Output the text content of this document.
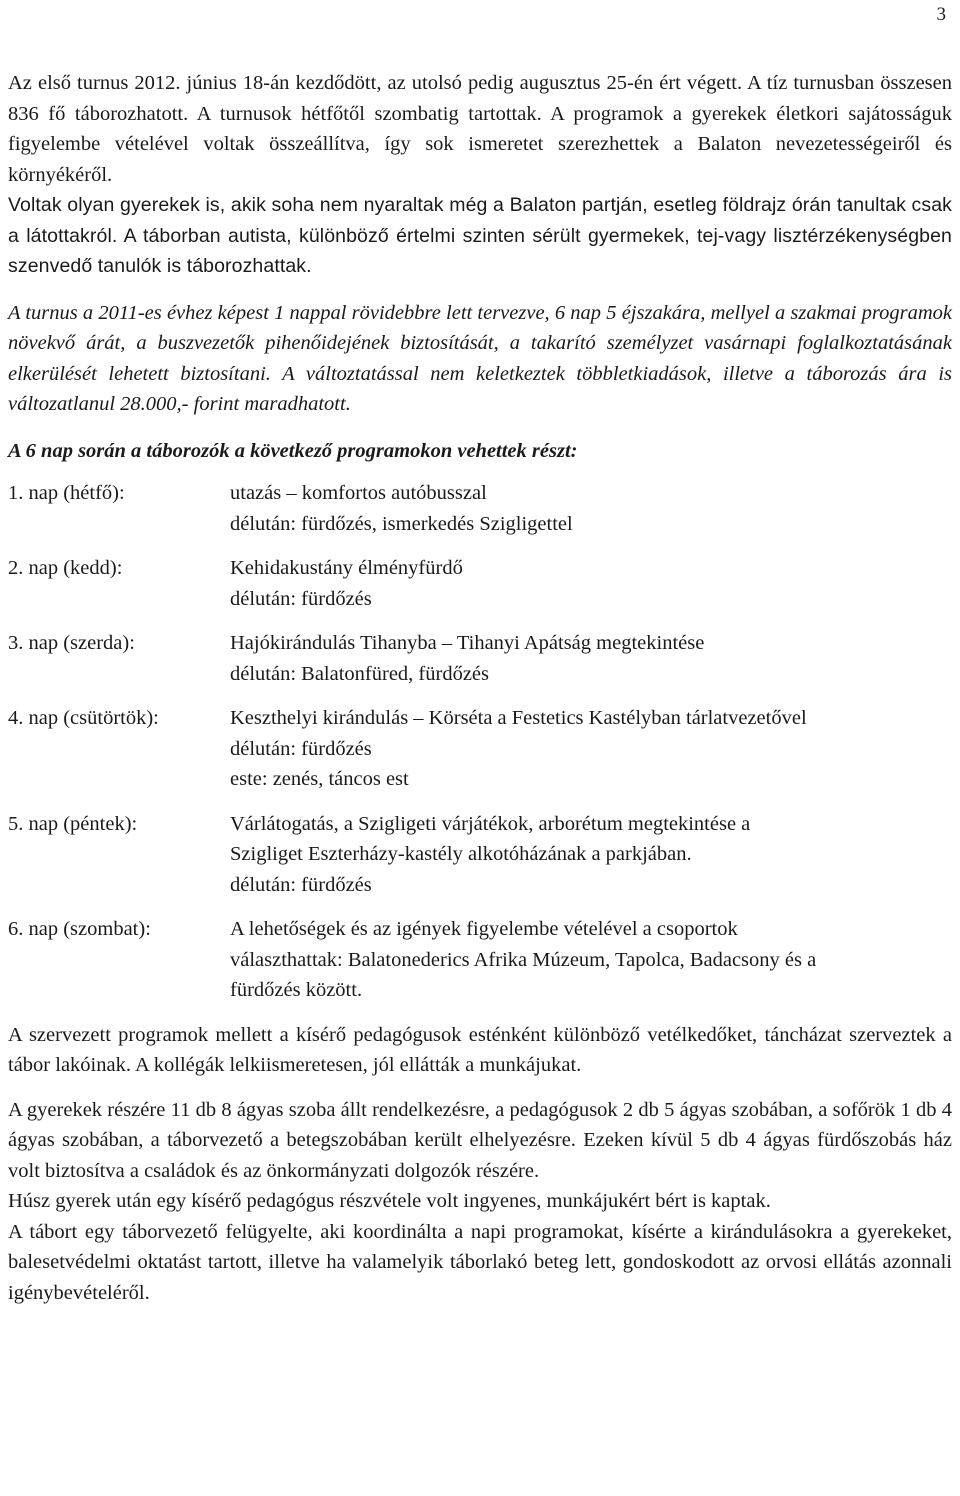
3

Az első turnus 2012. június 18-án kezdődött, az utolsó pedig augusztus 25-én ért végett. A tíz turnusban összesen 836 fő táborozhatott. A turnusok hétfőtől szombatig tartottak. A programok a gyerekek életkori sajátosságuk figyelembe vételével voltak összeállítva, így sok ismeretet szerezhettek a Balaton nevezetességeiről és környékéről.

Voltak olyan gyerekek is, akik soha nem nyaraltak még a Balaton partján, esetleg földrajz órán tanultak csak a látottakról. A táborban autista, különböző értelmi szinten sérült gyermekek, tej-vagy lisztérzékenységben szenvedő tanulók is táborozhattak.

A turnus a 2011-es évhez képest 1 nappal rövidebbre lett tervezve, 6 nap 5 éjszakára, mellyel a szakmai programok növekvő árát, a buszvezetők pihenőidejének biztosítását, a takarító személyzet vasárnapi foglalkoztatásának elkerülését lehetett biztosítani. A változtatással nem keletkeztek többletkiadások, illetve a táborozás ára is változatlanul 28.000,- forint maradhatott.

A 6 nap során a táborozók a következő programokon vehettek részt:

1. nap (hétfő):	utazás – komfortos autóbusszal
délután: fürdőzés, ismerkedés Szigligettel
2. nap (kedd):	Kehidakustány élményfürdő
délután: fürdőzés
3. nap (szerda):	Hajókirándulás Tihanyba – Tihanyi Apátság megtekintése
délután: Balatonfüred, fürdőzés
4. nap (csütörtök):	Keszthelyi kirándulás – Körséta a Festetics Kastélyban tárlatvezetővel
délután: fürdőzés
este: zenés, táncos est
5. nap (péntek):	Várlátogatás, a Szigligeti várjátékok, arborétum megtekintése a
Szigliget Eszterházy-kastély alkotóházának a parkjában.
délután: fürdőzés
6. nap (szombat):	A lehetőségek és az igények figyelembe vételével a csoportok
választhattak: Balatonederics Afrika Múzeum, Tapolca, Badacsony és a
fürdőzés között.

A szervezett programok mellett a kísérő pedagógusok esténként különböző vetélkedőket, táncházat szerveztek a tábor lakóinak. A kollégák lelkiismeretesen, jól ellátták a munkájukat.

A gyerekek részére 11 db 8 ágyas szoba állt rendelkezésre, a pedagógusok 2 db 5 ágyas szobában, a sofőrök 1 db 4 ágyas szobában, a táborvezető a betegszobában került elhelyezésre. Ezeken kívül 5 db 4 ágyas fürdőszobás ház volt biztosítva a családok és az önkormányzati dolgozók részére.

Húsz gyerek után egy kísérő pedagógus részvétele volt ingyenes, munkájukért bért is kaptak.

A tábort egy táborvezető felügyelte, aki koordinálta a napi programokat, kísérte a kirándulásokra a gyerekeket, balesetvédelmi oktatást tartott, illetve ha valamelyik táborlakó beteg lett, gondoskodott az orvosi ellátás azonnali igénybevételéről.
